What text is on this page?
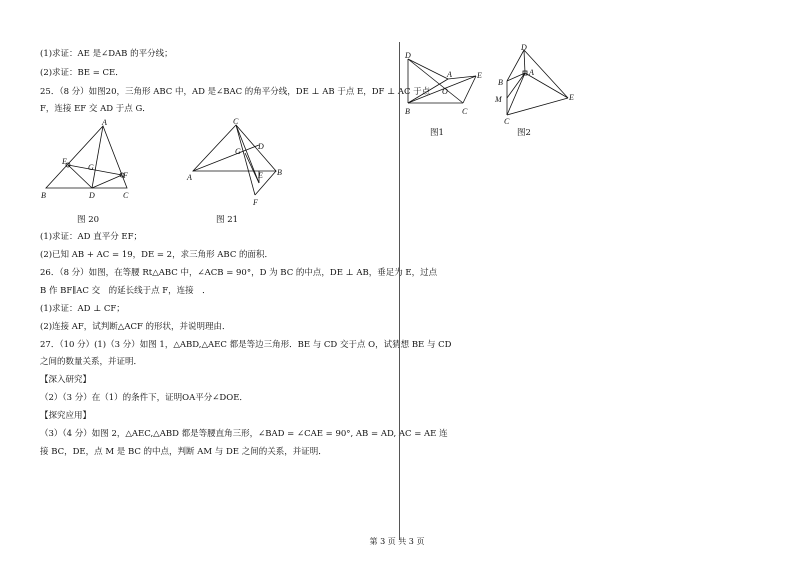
(1)求证：AE 是∠DAB 的平分线；
(2)求证：BE = CE．
25．（8 分）如图20，三角形 ABC 中，AD 是∠BAC 的角平分线，DE ⊥ AB 于点 E，DF ⊥ AC 于点
F，连接 EF 交 AD 于点 G．
A
B	C
D
E
F
G
图 20
C
A
B
D
E
F
G
图 21
(1)求证：AD 直平分 EF；
(2)已知 AB + AC = 19，DE = 2，求三角形 ABC 的面积．
26．（8 分）如图，在等腰 Rt△ABC 中，∠ACB = 90°，D 为 BC 的中点，DE ⊥ AB，垂足为 E，过点
B 作 BF∥AC 交　的延长线于点 F，连接　．
(1)求证：AD ⊥ CF；
(2)连接 AF，试判断△ACF 的形状，并说明理由．
27．（10 分）(1)（3 分）如图 1，△ABD,△AEC 都是等边三角形．BE 与 CD 交于点 O，试猜想 BE 与 CD
之间的数量关系，并证明．
【深入研究】
（2）（3 分）在（1）的条件下，证明OA平分∠DOE．
【探究应用】
（3）（4 分）如图 2，△AEC,△ABD 都是等腰直角三形，∠BAD = ∠CAE = 90°, AB = AD, AC = AE 连
接 BC，DE，点 M 是 BC 的中点，判断 AM 与 DE 之间的关系，并证明．
D
B	C
A	E
O
图1
D
B
A
M
C
E
图2
第 3 页 共 3 页
